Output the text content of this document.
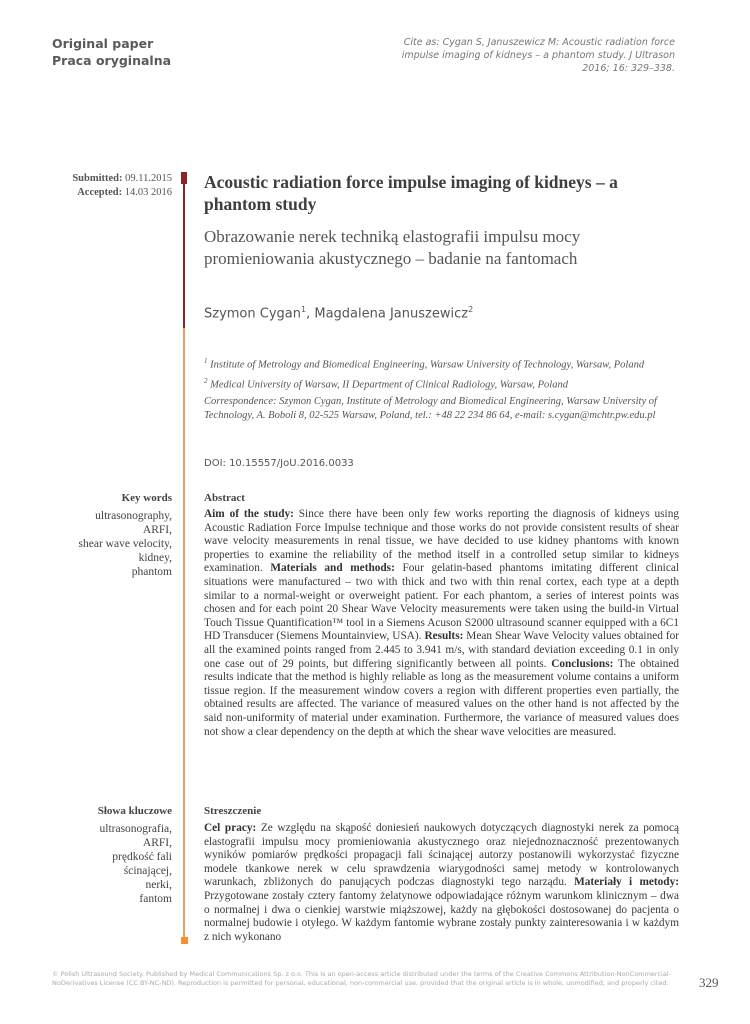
Original paper
Praca oryginalna
Cite as: Cygan S, Januszewicz M: Acoustic radiation force impulse imaging of kidneys – a phantom study. J Ultrason 2016; 16: 329–338.
Submitted: 09.11.2015
Accepted: 14.03 2016
Acoustic radiation force impulse imaging of kidneys – a phantom study
Obrazowanie nerek techniką elastografii impulsu mocy promieniowania akustycznego – badanie na fantomach
Szymon Cygan$^1$, Magdalena Januszewicz$^2$

$^1$ Institute of Metrology and Biomedical Engineering, Warsaw University of Technology, Warsaw, Poland

$^2$ Medical University of Warsaw, II Department of Clinical Radiology, Warsaw, Poland

Correspondence: Szymon Cygan, Institute of Metrology and Biomedical Engineering, Warsaw University of Technology, A. Boboli 8, 02-525 Warsaw, Poland, tel.: +48 22 234 86 64, e-mail: s.cygan@mchtr.pw.edu.pl

DOI: 10.15557/JoU.2016.0033
Key words
ultrasonography,
ARFI,
shear wave velocity,
kidney,
phantom
Abstract
Aim of the study: Since there have been only few works reporting the diagnosis of kidneys using Acoustic Radiation Force Impulse technique and those works do not provide consistent results of shear wave velocity measurements in renal tissue, we have decided to use kidney phantoms with known properties to examine the reliability of the method itself in a controlled setup similar to kidneys examination. Materials and methods: Four gelatin-based phantoms imitating different clinical situations were manufactured – two with thick and two with thin renal cortex, each type at a depth similar to a normal-weight or overweight patient. For each phantom, a series of interest points was chosen and for each point 20 Shear Wave Velocity measurements were taken using the build-in Virtual Touch Tissue Quantification™ tool in a Siemens Acuson S2000 ultrasound scanner equipped with a 6C1 HD Transducer (Siemens Mountainview, USA). Results: Mean Shear Wave Velocity values obtained for all the examined points ranged from 2.445 to 3.941 m/s, with standard deviation exceeding 0.1 in only one case out of 29 points, but differing significantly between all points. Conclusions: The obtained results indicate that the method is highly reliable as long as the measurement volume contains a uniform tissue region. If the measurement window covers a region with different properties even partially, the obtained results are affected. The variance of measured values on the other hand is not affected by the said non-uniformity of material under examination. Furthermore, the variance of measured values does not show a clear dependency on the depth at which the shear wave velocities are measured.
Słowa kluczowe
ultrasonografia,
ARFI,
prędkość fali
ścinającej,
nerki,
fantom
Streszczenie
Cel pracy: Ze względu na skąpość doniesień naukowych dotyczących diagnostyki nerek za pomocą elastografii impulsu mocy promieniowania akustycznego oraz niejednoznaczność prezentowanych wyników pomiarów prędkości propagacji fali ścinającej autorzy postanowili wykorzystać fizyczne modele tkankowe nerek w celu sprawdzenia wiarygodności samej metody w kontrolowanych warunkach, zbliżonych do panujących podczas diagnostyki tego narządu. Materiały i metody: Przygotowane zostały cztery fantomy żelatynowe odpowiadające różnym warunkom klinicznym – dwa o normalnej i dwa o cienkiej warstwie miąższowej, każdy na głębokości dostosowanej do pacjenta o normalnej budowie i otyłego. W każdym fantomie wybrane zostały punkty zainteresowania i w każdym z nich wykonano
© Polish Ultrasound Society. Published by Medical Communications Sp. z o.o. This is an open-access article distributed under the terms of the Creative Commons Attribution-NonCommercial-NoDerivatives License (CC BY-NC-ND). Reproduction is permitted for personal, educational, non-commercial use, provided that the original article is in whole, unmodified, and properly cited.	329
